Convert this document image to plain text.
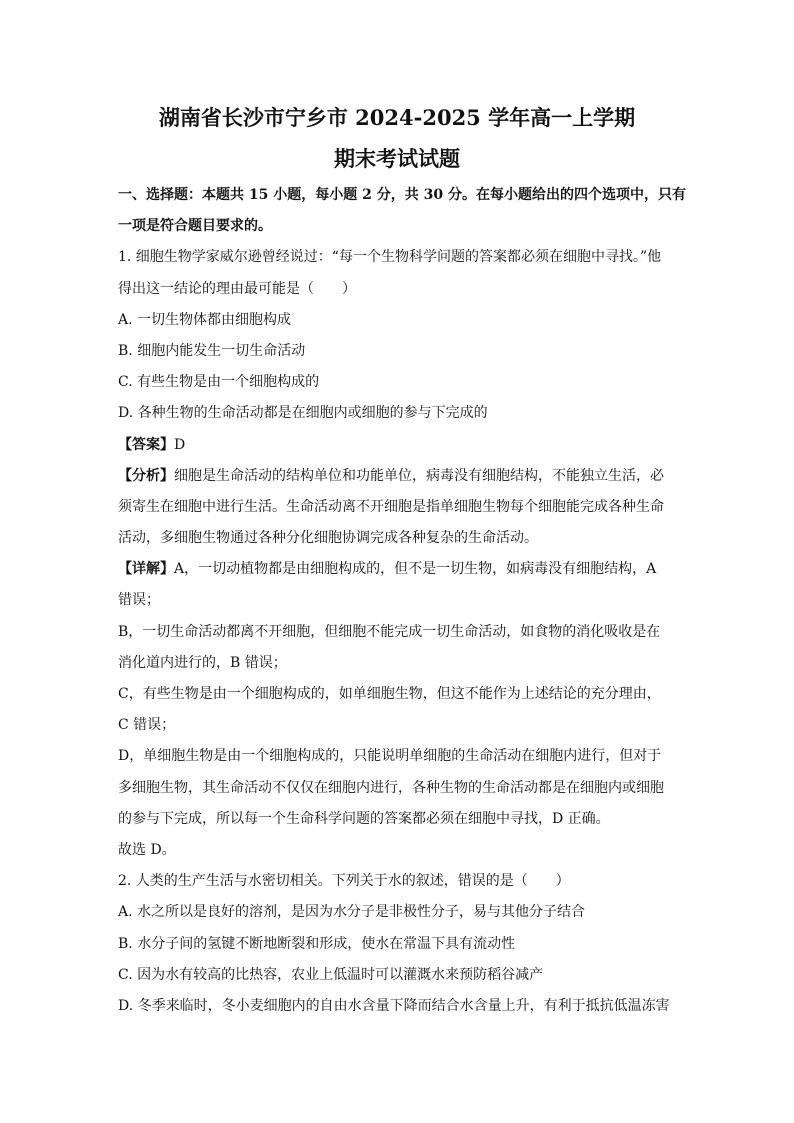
湖南省长沙市宁乡市 2024-2025 学年高一上学期
期末考试试题
一、选择题：本题共 15 小题，每小题 2 分，共 30 分。在每小题给出的四个选项中，只有
一项是符合题目要求的。
1. 细胞生物学家威尔逊曾经说过：“每一个生物科学问题的答案都必须在细胞中寻找。”他
得出这一结论的理由最可能是（　　）
A. 一切生物体都由细胞构成
B. 细胞内能发生一切生命活动
C. 有些生物是由一个细胞构成的
D. 各种生物的生命活动都是在细胞内或细胞的参与下完成的
【答案】D
【分析】细胞是生命活动的结构单位和功能单位，病毒没有细胞结构，不能独立生活，必
须寄生在细胞中进行生活。生命活动离不开细胞是指单细胞生物每个细胞能完成各种生命
活动，多细胞生物通过各种分化细胞协调完成各种复杂的生命活动。
【详解】A，一切动植物都是由细胞构成的，但不是一切生物，如病毒没有细胞结构，A
错误；
B，一切生命活动都离不开细胞，但细胞不能完成一切生命活动，如食物的消化吸收是在
消化道内进行的，B 错误；
C，有些生物是由一个细胞构成的，如单细胞生物，但这不能作为上述结论的充分理由，
C 错误；
D，单细胞生物是由一个细胞构成的，只能说明单细胞的生命活动在细胞内进行，但对于
多细胞生物，其生命活动不仅仅在细胞内进行，各种生物的生命活动都是在细胞内或细胞
的参与下完成，所以每一个生命科学问题的答案都必须在细胞中寻找，D 正确。
故选 D。
2. 人类的生产生活与水密切相关。下列关于水的叙述，错误的是（　　）
A. 水之所以是良好的溶剂，是因为水分子是非极性分子，易与其他分子结合
B. 水分子间的氢键不断地断裂和形成，使水在常温下具有流动性
C. 因为水有较高的比热容，农业上低温时可以灌溉水来预防稻谷减产
D. 冬季来临时，冬小麦细胞内的自由水含量下降而结合水含量上升，有利于抵抗低温冻害
